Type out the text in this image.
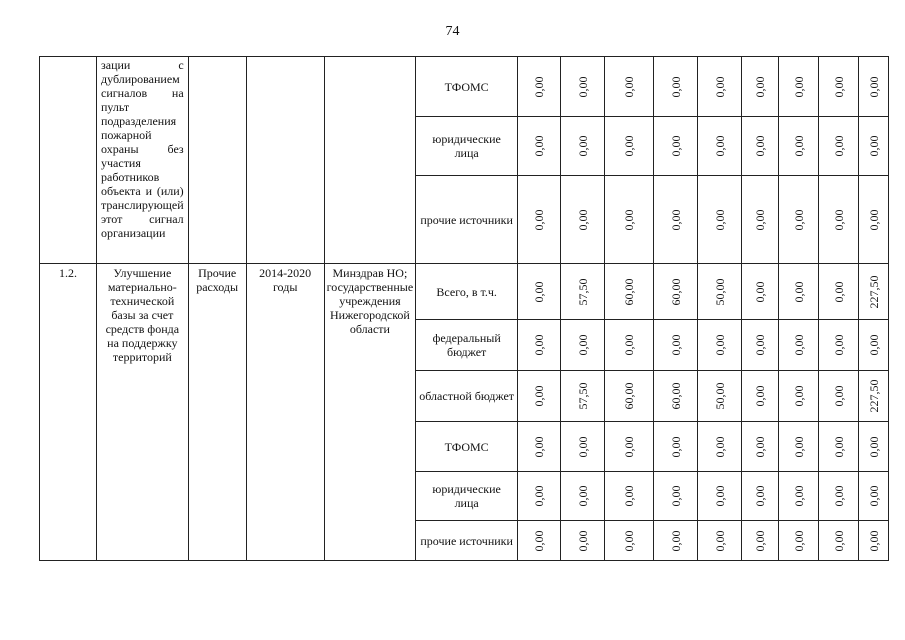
74
	зации с дублированием сигналов на пульт подразделения пожарной охраны без участия работников объекта и (или) транслирующей этот сигнал организации				ТФОМС	0,00	0,00	0,00	0,00	0,00	0,00	0,00	0,00	0,00

					юридические лица	0,00	0,00	0,00	0,00	0,00	0,00	0,00	0,00	0,00

					прочие источники	0,00	0,00	0,00	0,00	0,00	0,00	0,00	0,00	0,00

1.2.	Улучшение материально-технической базы за счет средств фонда на поддержку территорий	Прочие расходы	2014-2020 годы	Минздрав НО; государственные учреждения Нижегородской области	Всего, в т.ч.	0,00	57,50	60,00	60,00	50,00	0,00	0,00	0,00	227,50

					федеральный бюджет	0,00	0,00	0,00	0,00	0,00	0,00	0,00	0,00	0,00

					областной бюджет	0,00	57,50	60,00	60,00	50,00	0,00	0,00	0,00	227,50

					ТФОМС	0,00	0,00	0,00	0,00	0,00	0,00	0,00	0,00	0,00

					юридические лица	0,00	0,00	0,00	0,00	0,00	0,00	0,00	0,00	0,00

					прочие источники	0,00	0,00	0,00	0,00	0,00	0,00	0,00	0,00	0,00
